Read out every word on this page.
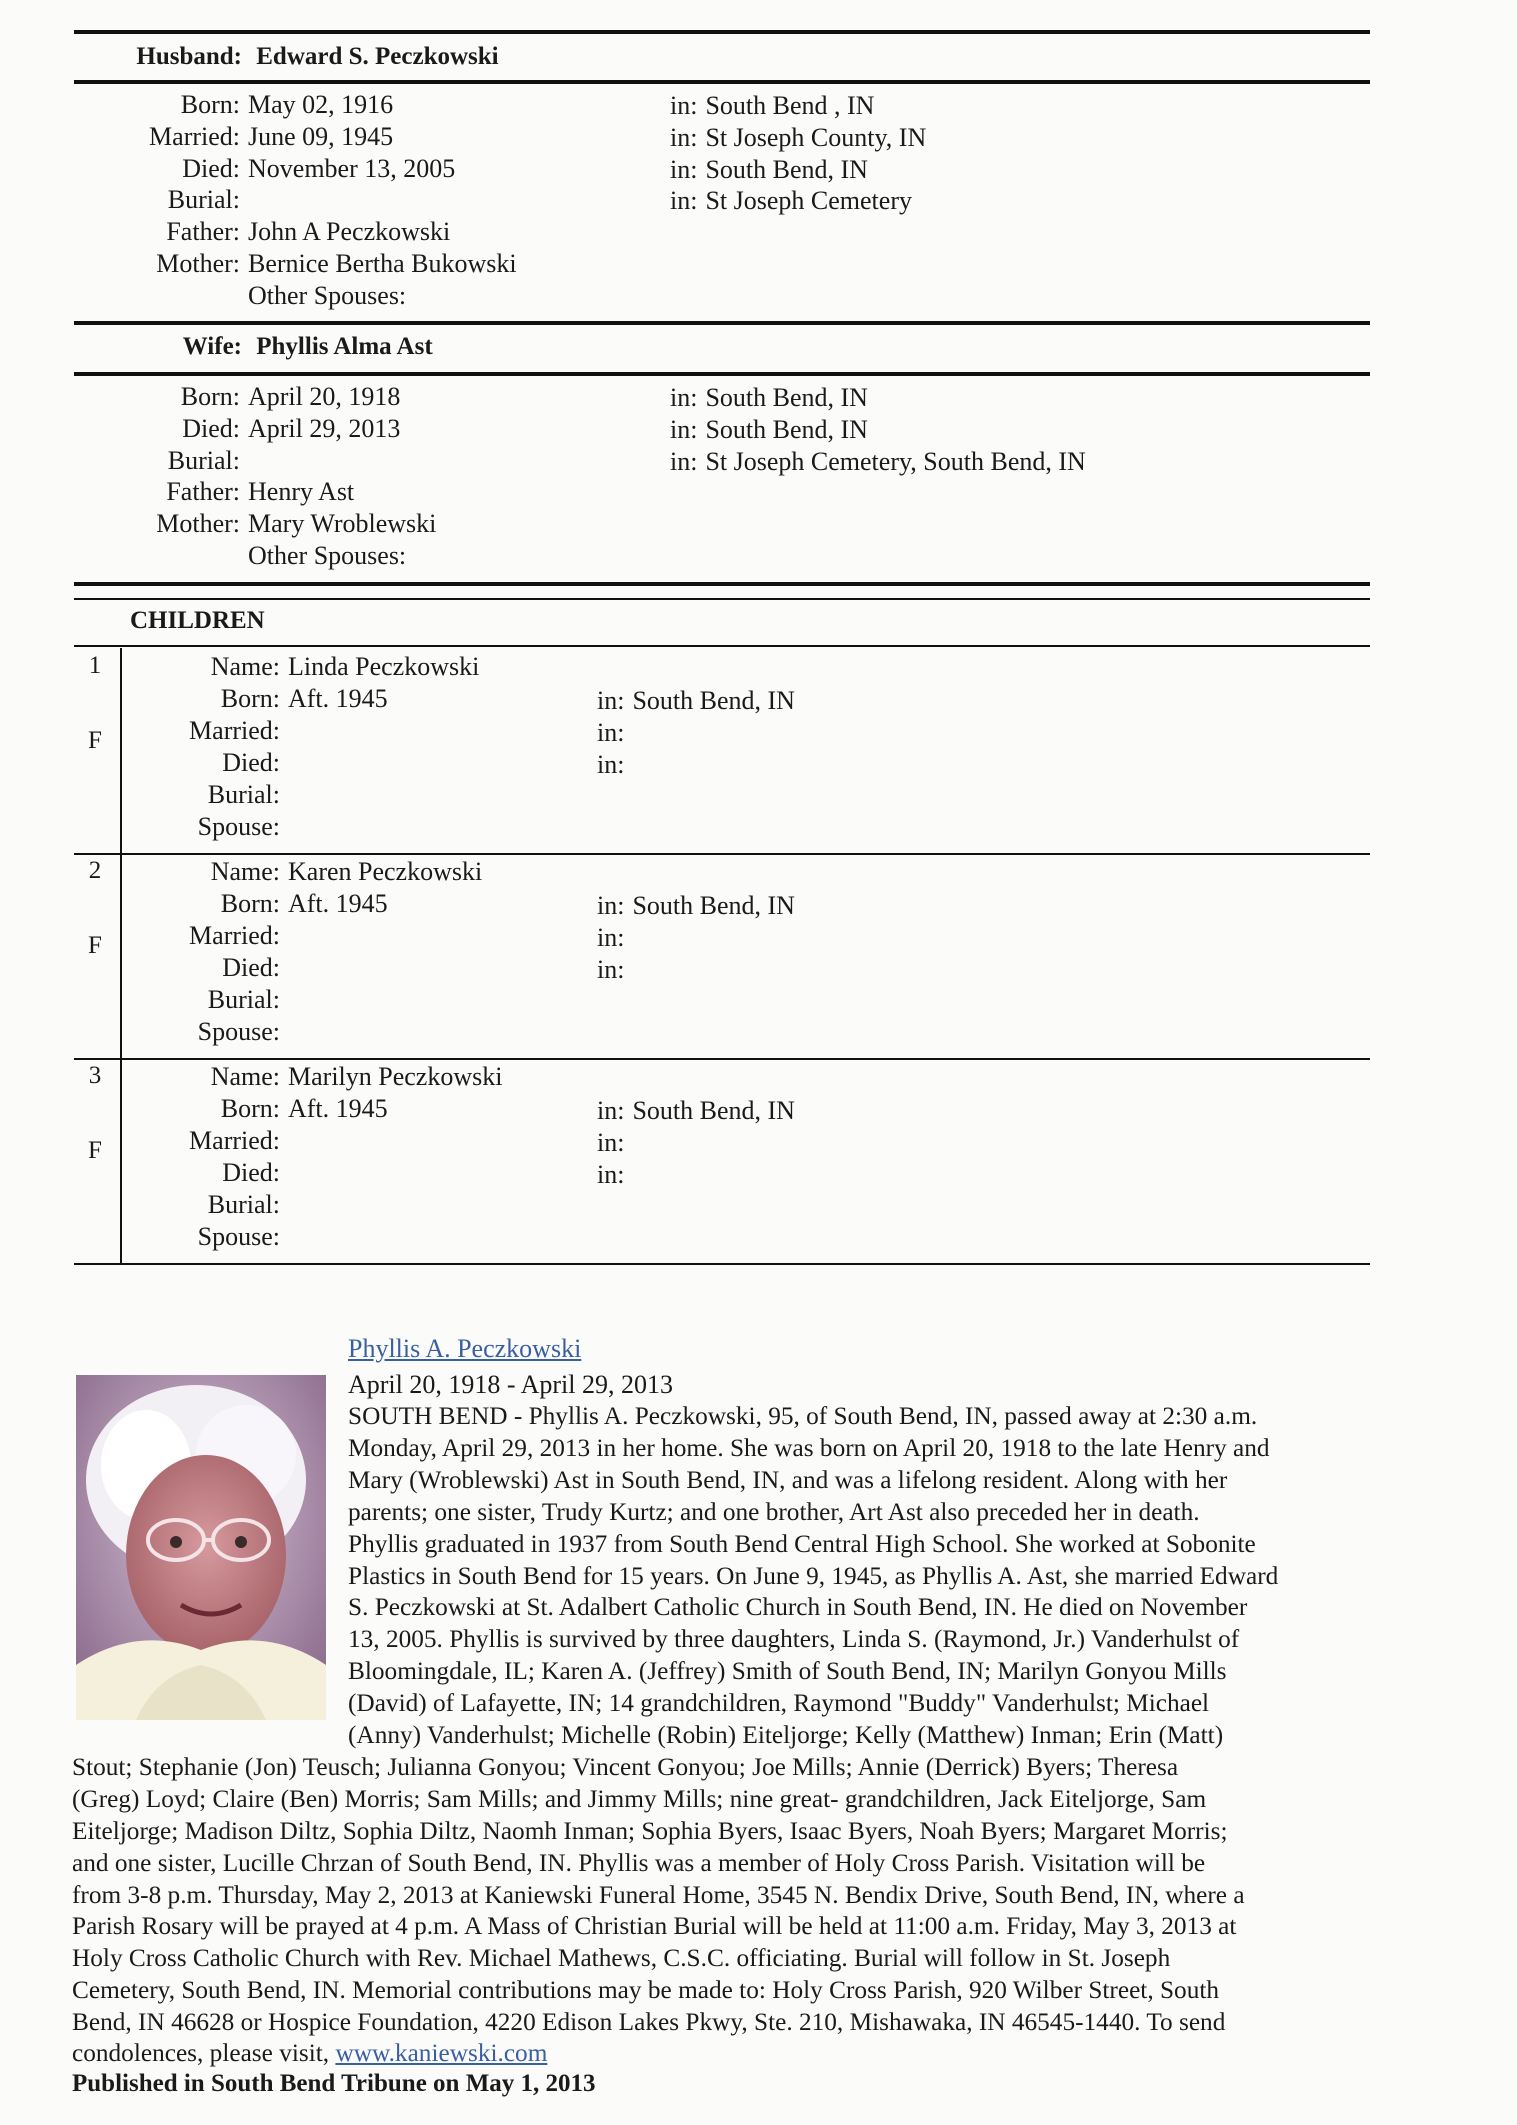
Husband: Edward S. Peczkowski
Born: May 02, 1916	in: South Bend , IN
Married: June 09, 1945	in: St Joseph County, IN
Died: November 13, 2005	in: South Bend, IN
Burial:	in: St Joseph Cemetery
Father: John A Peczkowski
Mother: Bernice Bertha Bukowski
Other Spouses:
Wife: Phyllis Alma Ast
Born: April 20, 1918	in: South Bend, IN
Died: April 29, 2013	in: South Bend, IN
Burial:	in: St Joseph Cemetery, South Bend, IN
Father: Henry Ast
Mother: Mary Wroblewski
Other Spouses:
CHILDREN
1
F
Name: Linda Peczkowski
Born: Aft. 1945	in: South Bend, IN
Married:	in:
Died:	in:
Burial:
Spouse:
2
F
Name: Karen Peczkowski
Born: Aft. 1945	in: South Bend, IN
Married:	in:
Died:	in:
Burial:
Spouse:
3
F
Name: Marilyn Peczkowski
Born: Aft. 1945	in: South Bend, IN
Married:	in:
Died:	in:
Burial:
Spouse:
Phyllis A. Peczkowski
April 20, 1918 - April 29, 2013
SOUTH BEND - Phyllis A. Peczkowski, 95, of South Bend, IN, passed away at 2:30 a.m.
Monday, April 29, 2013 in her home. She was born on April 20, 1918 to the late Henry and
Mary (Wroblewski) Ast in South Bend, IN, and was a lifelong resident. Along with her
parents; one sister, Trudy Kurtz; and one brother, Art Ast also preceded her in death.
Phyllis graduated in 1937 from South Bend Central High School. She worked at Sobonite
Plastics in South Bend for 15 years. On June 9, 1945, as Phyllis A. Ast, she married Edward
S. Peczkowski at St. Adalbert Catholic Church in South Bend, IN. He died on November
13, 2005. Phyllis is survived by three daughters, Linda S. (Raymond, Jr.) Vanderhulst of
Bloomingdale, IL; Karen A. (Jeffrey) Smith of South Bend, IN; Marilyn Gonyou Mills
(David) of Lafayette, IN; 14 grandchildren, Raymond "Buddy" Vanderhulst; Michael
(Anny) Vanderhulst; Michelle (Robin) Eiteljorge; Kelly (Matthew) Inman; Erin (Matt)
Stout; Stephanie (Jon) Teusch; Julianna Gonyou; Vincent Gonyou; Joe Mills; Annie (Derrick) Byers; Theresa
(Greg) Loyd; Claire (Ben) Morris; Sam Mills; and Jimmy Mills; nine great- grandchildren, Jack Eiteljorge, Sam
Eiteljorge; Madison Diltz, Sophia Diltz, Naomh Inman; Sophia Byers, Isaac Byers, Noah Byers; Margaret Morris;
and one sister, Lucille Chrzan of South Bend, IN. Phyllis was a member of Holy Cross Parish. Visitation will be
from 3-8 p.m. Thursday, May 2, 2013 at Kaniewski Funeral Home, 3545 N. Bendix Drive, South Bend, IN, where a
Parish Rosary will be prayed at 4 p.m. A Mass of Christian Burial will be held at 11:00 a.m. Friday, May 3, 2013 at
Holy Cross Catholic Church with Rev. Michael Mathews, C.S.C. officiating. Burial will follow in St. Joseph
Cemetery, South Bend, IN. Memorial contributions may be made to: Holy Cross Parish, 920 Wilber Street, South
Bend, IN 46628 or Hospice Foundation, 4220 Edison Lakes Pkwy, Ste. 210, Mishawaka, IN 46545-1440. To send
condolences, please visit, www.kaniewski.com
Published in South Bend Tribune on May 1, 2013
